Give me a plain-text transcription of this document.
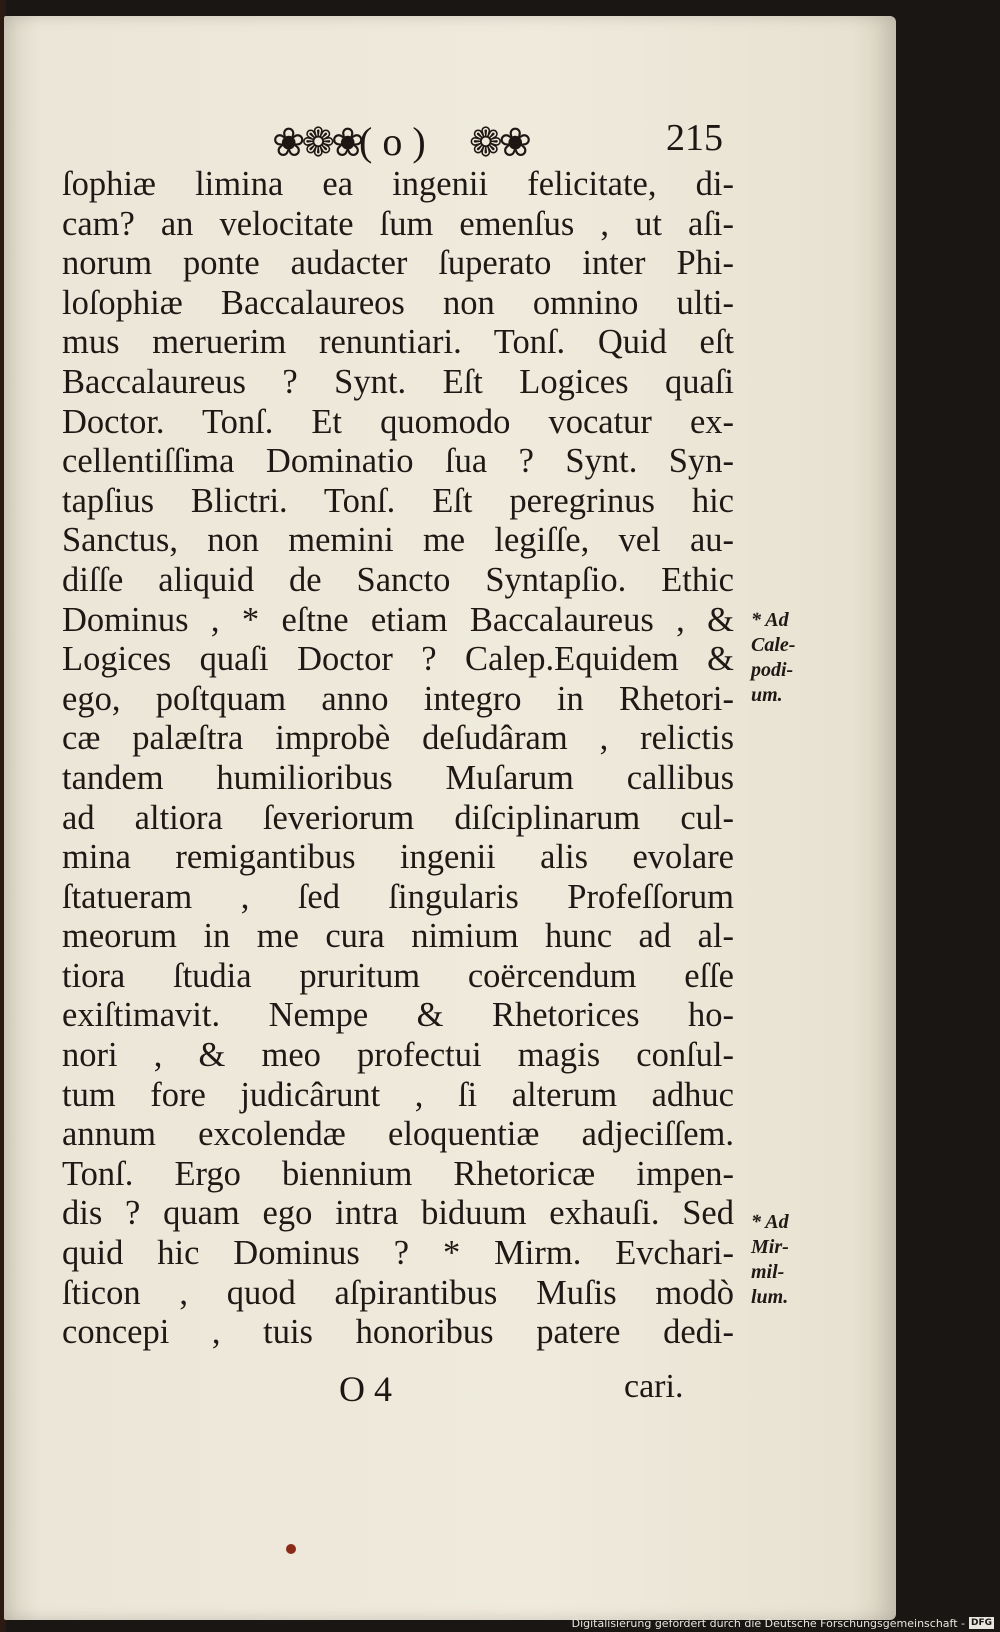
❀❁❀
( o ) ❁❀	215
ſophiæ limina ea ingenii felicitate, di-
cam? an velocitate ſum emenſus , ut aſi-
norum ponte audacter ſuperato inter Phi-
loſophiæ Baccalaureos non omnino ulti-
mus meruerim renuntiari. Tonſ. Quid eſt
Baccalaureus ? Synt. Eſt Logices quaſi
Doctor. Tonſ. Et quomodo vocatur ex-
cellentiſſima Dominatio ſua ? Synt. Syn-
tapſius Blictri. Tonſ. Eſt peregrinus hic
Sanctus, non memini me legiſſe, vel au-
diſſe aliquid de Sancto Syntapſio. Ethic
Dominus , * eſtne etiam Baccalaureus , &
Logices quaſi Doctor ? Calep.Equidem &
ego, poſtquam anno integro in Rhetori-
cæ palæſtra improbè deſudâram , relictis
tandem humilioribus Muſarum callibus
ad altiora ſeveriorum diſciplinarum cul-
mina remigantibus ingenii alis evolare
ſtatueram , ſed ſingularis Profeſſorum
meorum in me cura nimium hunc ad al-
tiora ſtudia pruritum coërcendum eſſe
exiſtimavit. Nempe & Rhetorices ho-
nori , & meo profectui magis conſul-
tum fore judicârunt , ſi alterum adhuc
annum excolendæ eloquentiæ adjeciſſem.
Tonſ. Ergo biennium Rhetoricæ impen-
dis ? quam ego intra biduum exhauſi. Sed
quid hic Dominus ? * Mirm. Evchari-
ſticon , quod aſpirantibus Muſis modò
concepi , tuis honoribus patere dedi-
* Ad
Cale-
podi-
um.
* Ad
Mir-
mil-
lum.
O 4	cari.
Digitalisierung gefördert durch die Deutsche Forschungsgemeinschaft - DFG
